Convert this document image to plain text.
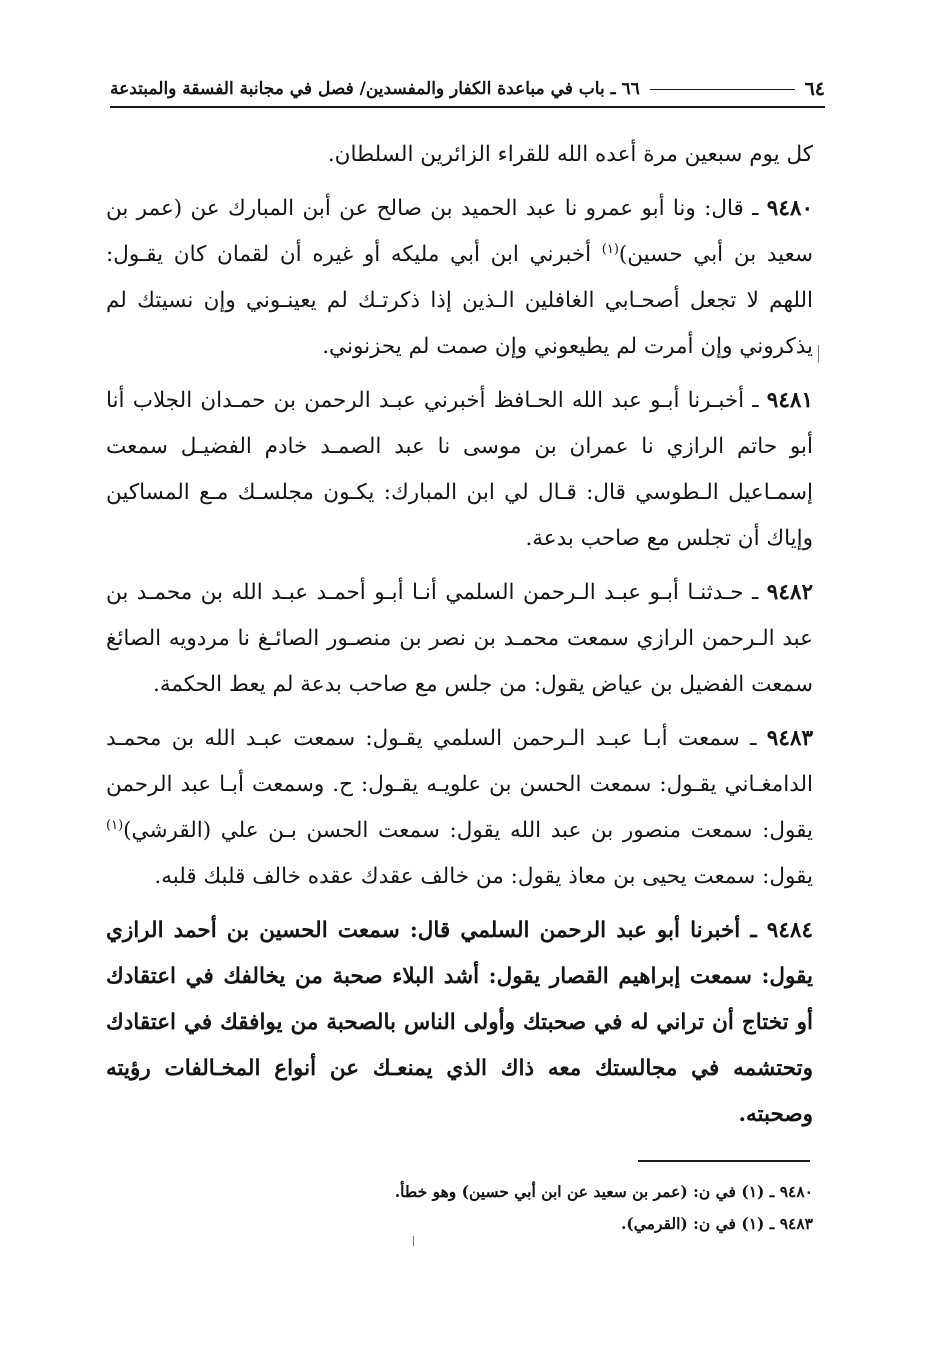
٦٤
٦٦ ـ باب في مباعدة الكفار والمفسدين/ فصل في مجانبة الفسقة والمبتدعة

كل يوم سبعين مرة أعده الله للقراء الزائرين السلطان.

٩٤٨٠ ـ قال: ونا أبو عمرو نا عبد الحميد بن صالح عن أبن المبارك عن (عمر بن سعيد بن أبي حسين)$^{(١)}$ أخبرني ابن أبي مليكه أو غيره أن لقمان كان يقـول: اللهم لا تجعل أصحـابي الغافلين الـذين إذا ذكرتـك لم يعينـوني وإن نسيتك لم يذكروني وإن أمرت لم يطيعوني وإن صمت لم يحزنوني.

٩٤٨١ ـ أخبـرنا أبـو عبد الله الحـافظ أخبرني عبـد الرحمن بن حمـدان الجلاب أنا أبو حاتم الرازي نا عمران بن موسى نا عبد الصمـد خادم الفضيـل سمعت إسمـاعيل الـطوسي قال: قـال لي ابن المبارك: يكـون مجلسـك مـع المساكين وإياك أن تجلس مع صاحب بدعة.

٩٤٨٢ ـ حـدثنـا أبـو عبـد الـرحمن السلمي أنـا أبـو أحمـد عبـد الله بن محمـد بن عبد الـرحمن الرازي سمعت محمـد بن نصر بن منصـور الصائـغ نا مردويه الصائغ سمعت الفضيل بن عياض يقول: من جلس مع صاحب بدعة لم يعط الحكمة.

٩٤٨٣ ـ سمعت أبـا عبـد الـرحمن السلمي يقـول: سمعت عبـد الله بن محمـد الدامغـاني يقـول: سمعت الحسن بن علويـه يقـول: ح. وسمعت أبـا عبد الرحمن يقول: سمعت منصور بن عبد الله يقول: سمعت الحسن بـن علي (القرشي)$^{(١)}$ يقول: سمعت يحيى بن معاذ يقول: من خالف عقدك عقده خالف قلبك قلبه.

٩٤٨٤ ـ أخبرنا أبو عبد الرحمن السلمي قال: سمعت الحسين بن أحمد الرازي يقول: سمعت إبراهيم القصار يقول: أشد البلاء صحبة من يخالفك في اعتقادك أو تختاج أن تراني له في صحبتك وأولى الناس بالصحبة من يوافقك في اعتقادك وتحتشمه في مجالستك معه ذاك الذي يمنعـك عن أنواع المخـالفات رؤيته وصحبته.

٩٤٨٠ ـ (١) في ن: (عمر بن سعيد عن ابن أبي حسين) وهو خطأ.
٩٤٨٣ ـ (١) في ن: (القرمي).
